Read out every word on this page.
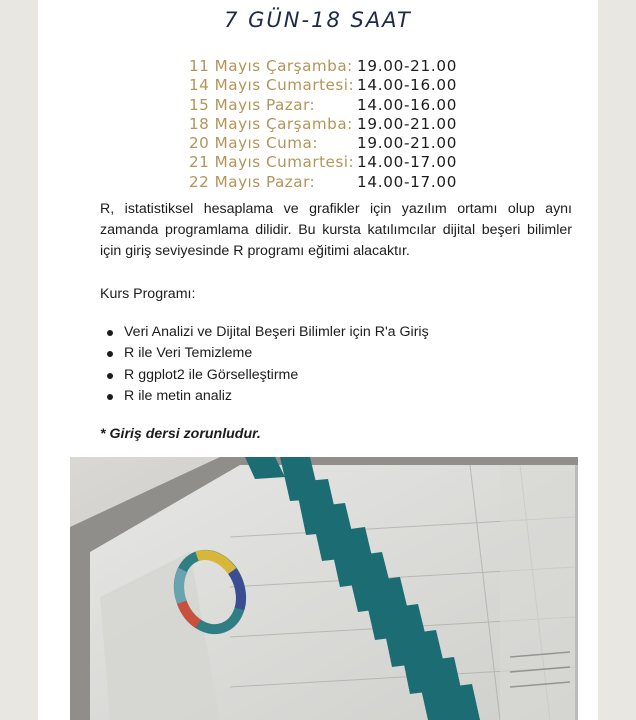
7 GÜN-18 SAAT
11 Mayıs Çarşamba: 19.00-21.00
14 Mayıs Cumartesi: 14.00-16.00
15 Mayıs Pazar:	14.00-16.00
18 Mayıs Çarşamba: 19.00-21.00
20 Mayıs Cuma:	19.00-21.00
21 Mayıs Cumartesi: 14.00-17.00
22 Mayıs Pazar:	14.00-17.00

R, istatistiksel hesaplama ve grafikler için yazılım ortamı olup aynı zamanda programlama dilidir. Bu kursta katılımcılar dijital beşeri bilimler için giriş seviyesinde R programı eğitimi alacaktır.

Kurs Programı:

Veri Analizi ve Dijital Beşeri Bilimler için R'a Giriş
R ile Veri Temizleme
R ggplot2 ile Görselleştirme
R ile metin analiz

* Giriş dersi zorunludur.
